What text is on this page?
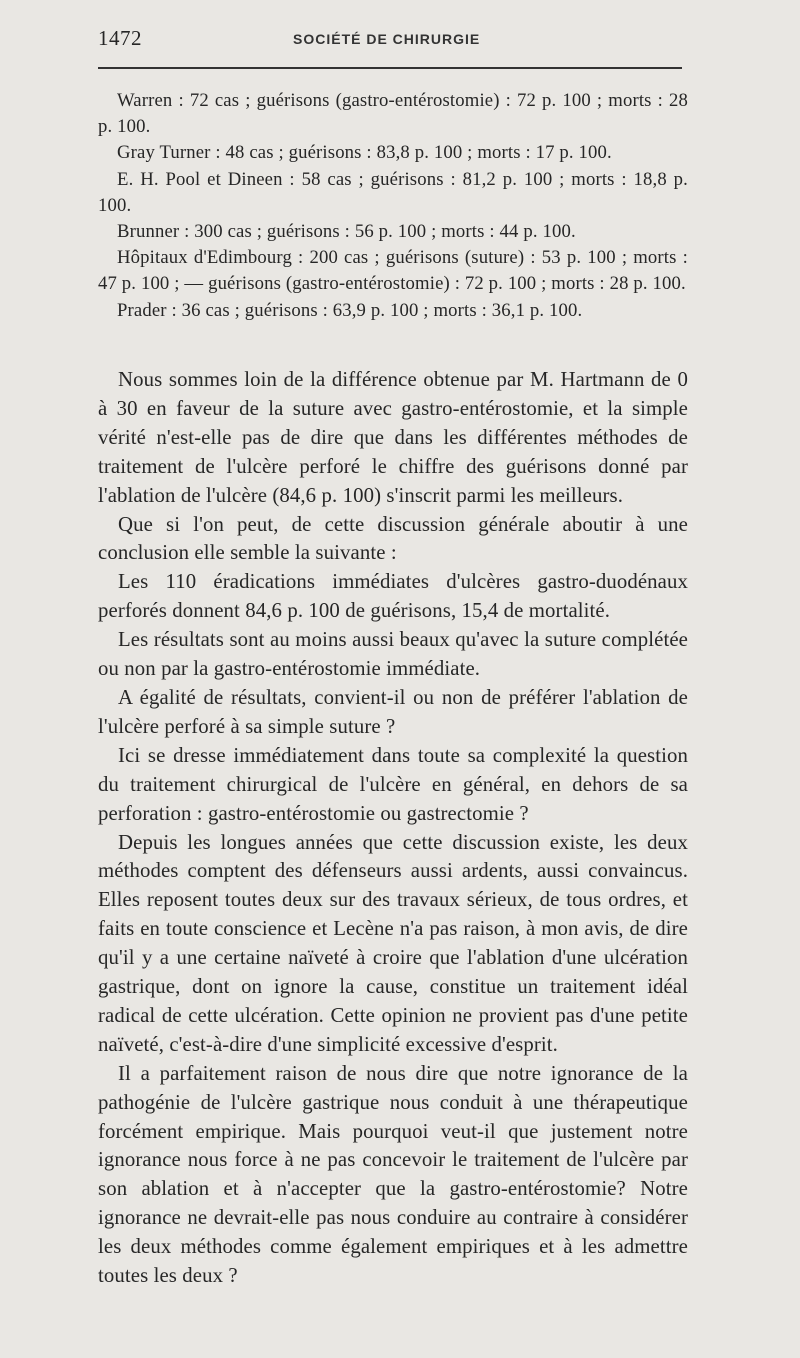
1472	SOCIÉTÉ DE CHIRURGIE

Warren : 72 cas ; guérisons (gastro-entérostomie) : 72 p. 100 ; morts : 28 p. 100.

Gray Turner : 48 cas ; guérisons : 83,8 p. 100 ; morts : 17 p. 100.

E. H. Pool et Dineen : 58 cas ; guérisons : 81,2 p. 100 ; morts : 18,8 p. 100.

Brunner : 300 cas ; guérisons : 56 p. 100 ; morts : 44 p. 100.

Hôpitaux d'Edimbourg : 200 cas ; guérisons (suture) : 53 p. 100 ; morts : 47 p. 100 ; — guérisons (gastro-entérostomie) : 72 p. 100 ; morts : 28 p. 100.

Prader : 36 cas ; guérisons : 63,9 p. 100 ; morts : 36,1 p. 100.

Nous sommes loin de la différence obtenue par M. Hartmann de 0 à 30 en faveur de la suture avec gastro-entérostomie, et la simple vérité n'est-elle pas de dire que dans les différentes méthodes de traitement de l'ulcère perforé le chiffre des guérisons donné par l'ablation de l'ulcère (84,6 p. 100) s'inscrit parmi les meilleurs.

Que si l'on peut, de cette discussion générale aboutir à une conclusion elle semble la suivante :

Les 110 éradications immédiates d'ulcères gastro-duodénaux perforés donnent 84,6 p. 100 de guérisons, 15,4 de mortalité.

Les résultats sont au moins aussi beaux qu'avec la suture complétée ou non par la gastro-entérostomie immédiate.

A égalité de résultats, convient-il ou non de préférer l'ablation de l'ulcère perforé à sa simple suture ?

Ici se dresse immédiatement dans toute sa complexité la question du traitement chirurgical de l'ulcère en général, en dehors de sa perforation : gastro-entérostomie ou gastrectomie ?

Depuis les longues années que cette discussion existe, les deux méthodes comptent des défenseurs aussi ardents, aussi convaincus. Elles reposent toutes deux sur des travaux sérieux, de tous ordres, et faits en toute conscience et Lecène n'a pas raison, à mon avis, de dire qu'il y a une certaine naïveté à croire que l'ablation d'une ulcération gastrique, dont on ignore la cause, constitue un traitement idéal radical de cette ulcération. Cette opinion ne provient pas d'une petite naïveté, c'est-à-dire d'une simplicité excessive d'esprit.

Il a parfaitement raison de nous dire que notre ignorance de la pathogénie de l'ulcère gastrique nous conduit à une thérapeutique forcément empirique. Mais pourquoi veut-il que justement notre ignorance nous force à ne pas concevoir le traitement de l'ulcère par son ablation et à n'accepter que la gastro-entérostomie? Notre ignorance ne devrait-elle pas nous conduire au contraire à considérer les deux méthodes comme également empiriques et à les admettre toutes les deux ?
